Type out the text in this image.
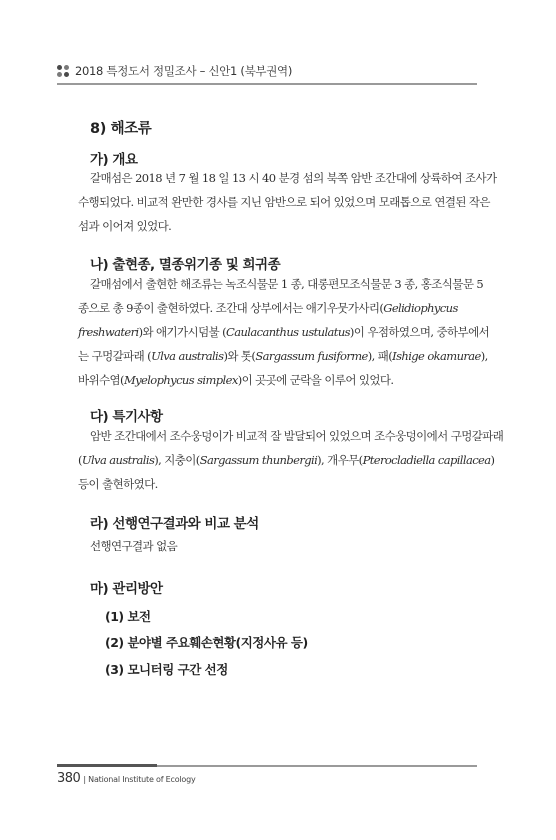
2018 특정도서 정밀조사 – 신안1 (북부권역)
8) 해조류
가) 개요

갈매섬은 2018 년 7 월 18 일 13 시 40 분경 섬의 북쪽 암반 조간대에 상륙하여 조사가
수행되었다. 비교적 완만한 경사를 지닌 암반으로 되어 있었으며 모래톱으로 연결된 작은
섬과 이어져 있었다.

나) 출현종, 멸종위기종 및 희귀종

갈매섬에서 출현한 해조류는 녹조식물문 1 종, 대롱편모조식물문 3 종, 홍조식물문 5
종으로 총 9종이 출현하였다. 조간대 상부에서는 애기우뭇가사리(Gelidiophycus
freshwateri)와 애기가시덤불 (Caulacanthus ustulatus)이 우점하였으며, 중하부에서
는 구멍갈파래 (Ulva australis)와 톳(Sargassum fusiforme), 패(Ishige okamurae),
바위수염(Myelophycus simplex)이 곳곳에 군락을 이루어 있었다.

다) 특기사항

암반 조간대에서 조수웅덩이가 비교적 잘 발달되어 있었으며 조수웅덩이에서 구멍갈파래
(Ulva australis), 지충이(Sargassum thunbergii), 개우무(Pterocladiella capillacea)
등이 출현하였다.

라) 선행연구결과와 비교 분석

선행연구결과 없음

마) 관리방안
(1) 보전
(2) 분야별 주요훼손현황(지정사유 등)
(3) 모니터링 구간 선정
380 | National Institute of Ecology
